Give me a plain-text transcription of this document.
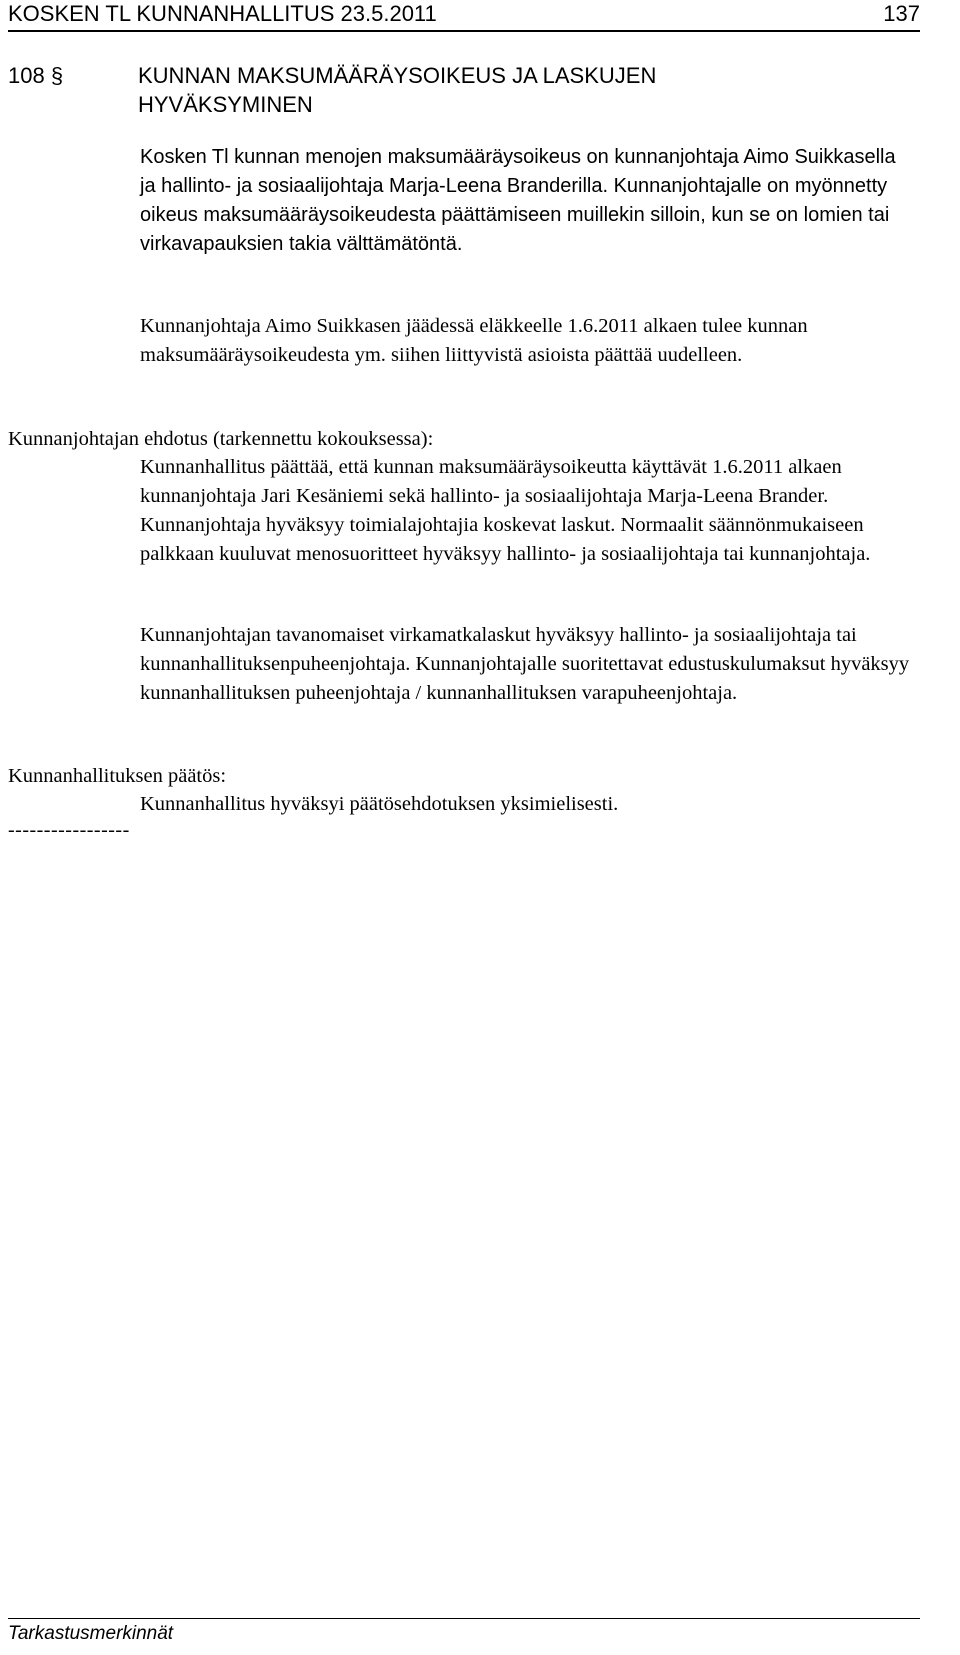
KOSKEN TL KUNNANHALLITUS 23.5.2011	137
108 §	KUNNAN MAKSUMÄÄRÄYSOIKEUS JA LASKUJEN HYVÄKSYMINEN

Kosken Tl kunnan menojen maksumääräysoikeus on kunnanjohtaja Aimo Suikkasella ja hallinto- ja sosiaalijohtaja Marja-Leena Branderilla. Kunnanjohtajalle on myönnetty oikeus maksumääräysoikeudesta päättämiseen muillekin silloin, kun se on lomien tai virkavapauksien takia välttämätöntä.

Kunnanjohtaja Aimo Suikkasen jäädessä eläkkeelle 1.6.2011 alkaen tulee kunnan maksumääräysoikeudesta ym. siihen liittyvistä asioista päättää uudelleen.

Kunnanjohtajan ehdotus (tarkennettu kokouksessa):

Kunnanhallitus päättää, että kunnan maksumääräysoikeutta käyttävät 1.6.2011 alkaen kunnanjohtaja Jari Kesäniemi sekä hallinto- ja sosiaalijohtaja Marja-Leena Brander. Kunnanjohtaja hyväksyy toimialajohtajia koskevat laskut. Normaalit säännönmukaiseen palkkaan kuuluvat menosuoritteet hyväksyy hallinto- ja sosiaalijohtaja tai kunnanjohtaja.

Kunnanjohtajan tavanomaiset virkamatkalaskut hyväksyy hallinto- ja sosiaalijohtaja tai kunnanhallituksenpuheenjohtaja. Kunnanjohtajalle suoritettavat edustuskulumaksut hyväksyy kunnanhallituksen puheenjohtaja / kunnanhallituksen varapuheenjohtaja.

Kunnanhallituksen päätös:

Kunnanhallitus hyväksyi päätösehdotuksen yksimielisesti.

-----------------
Tarkastusmerkinnät
